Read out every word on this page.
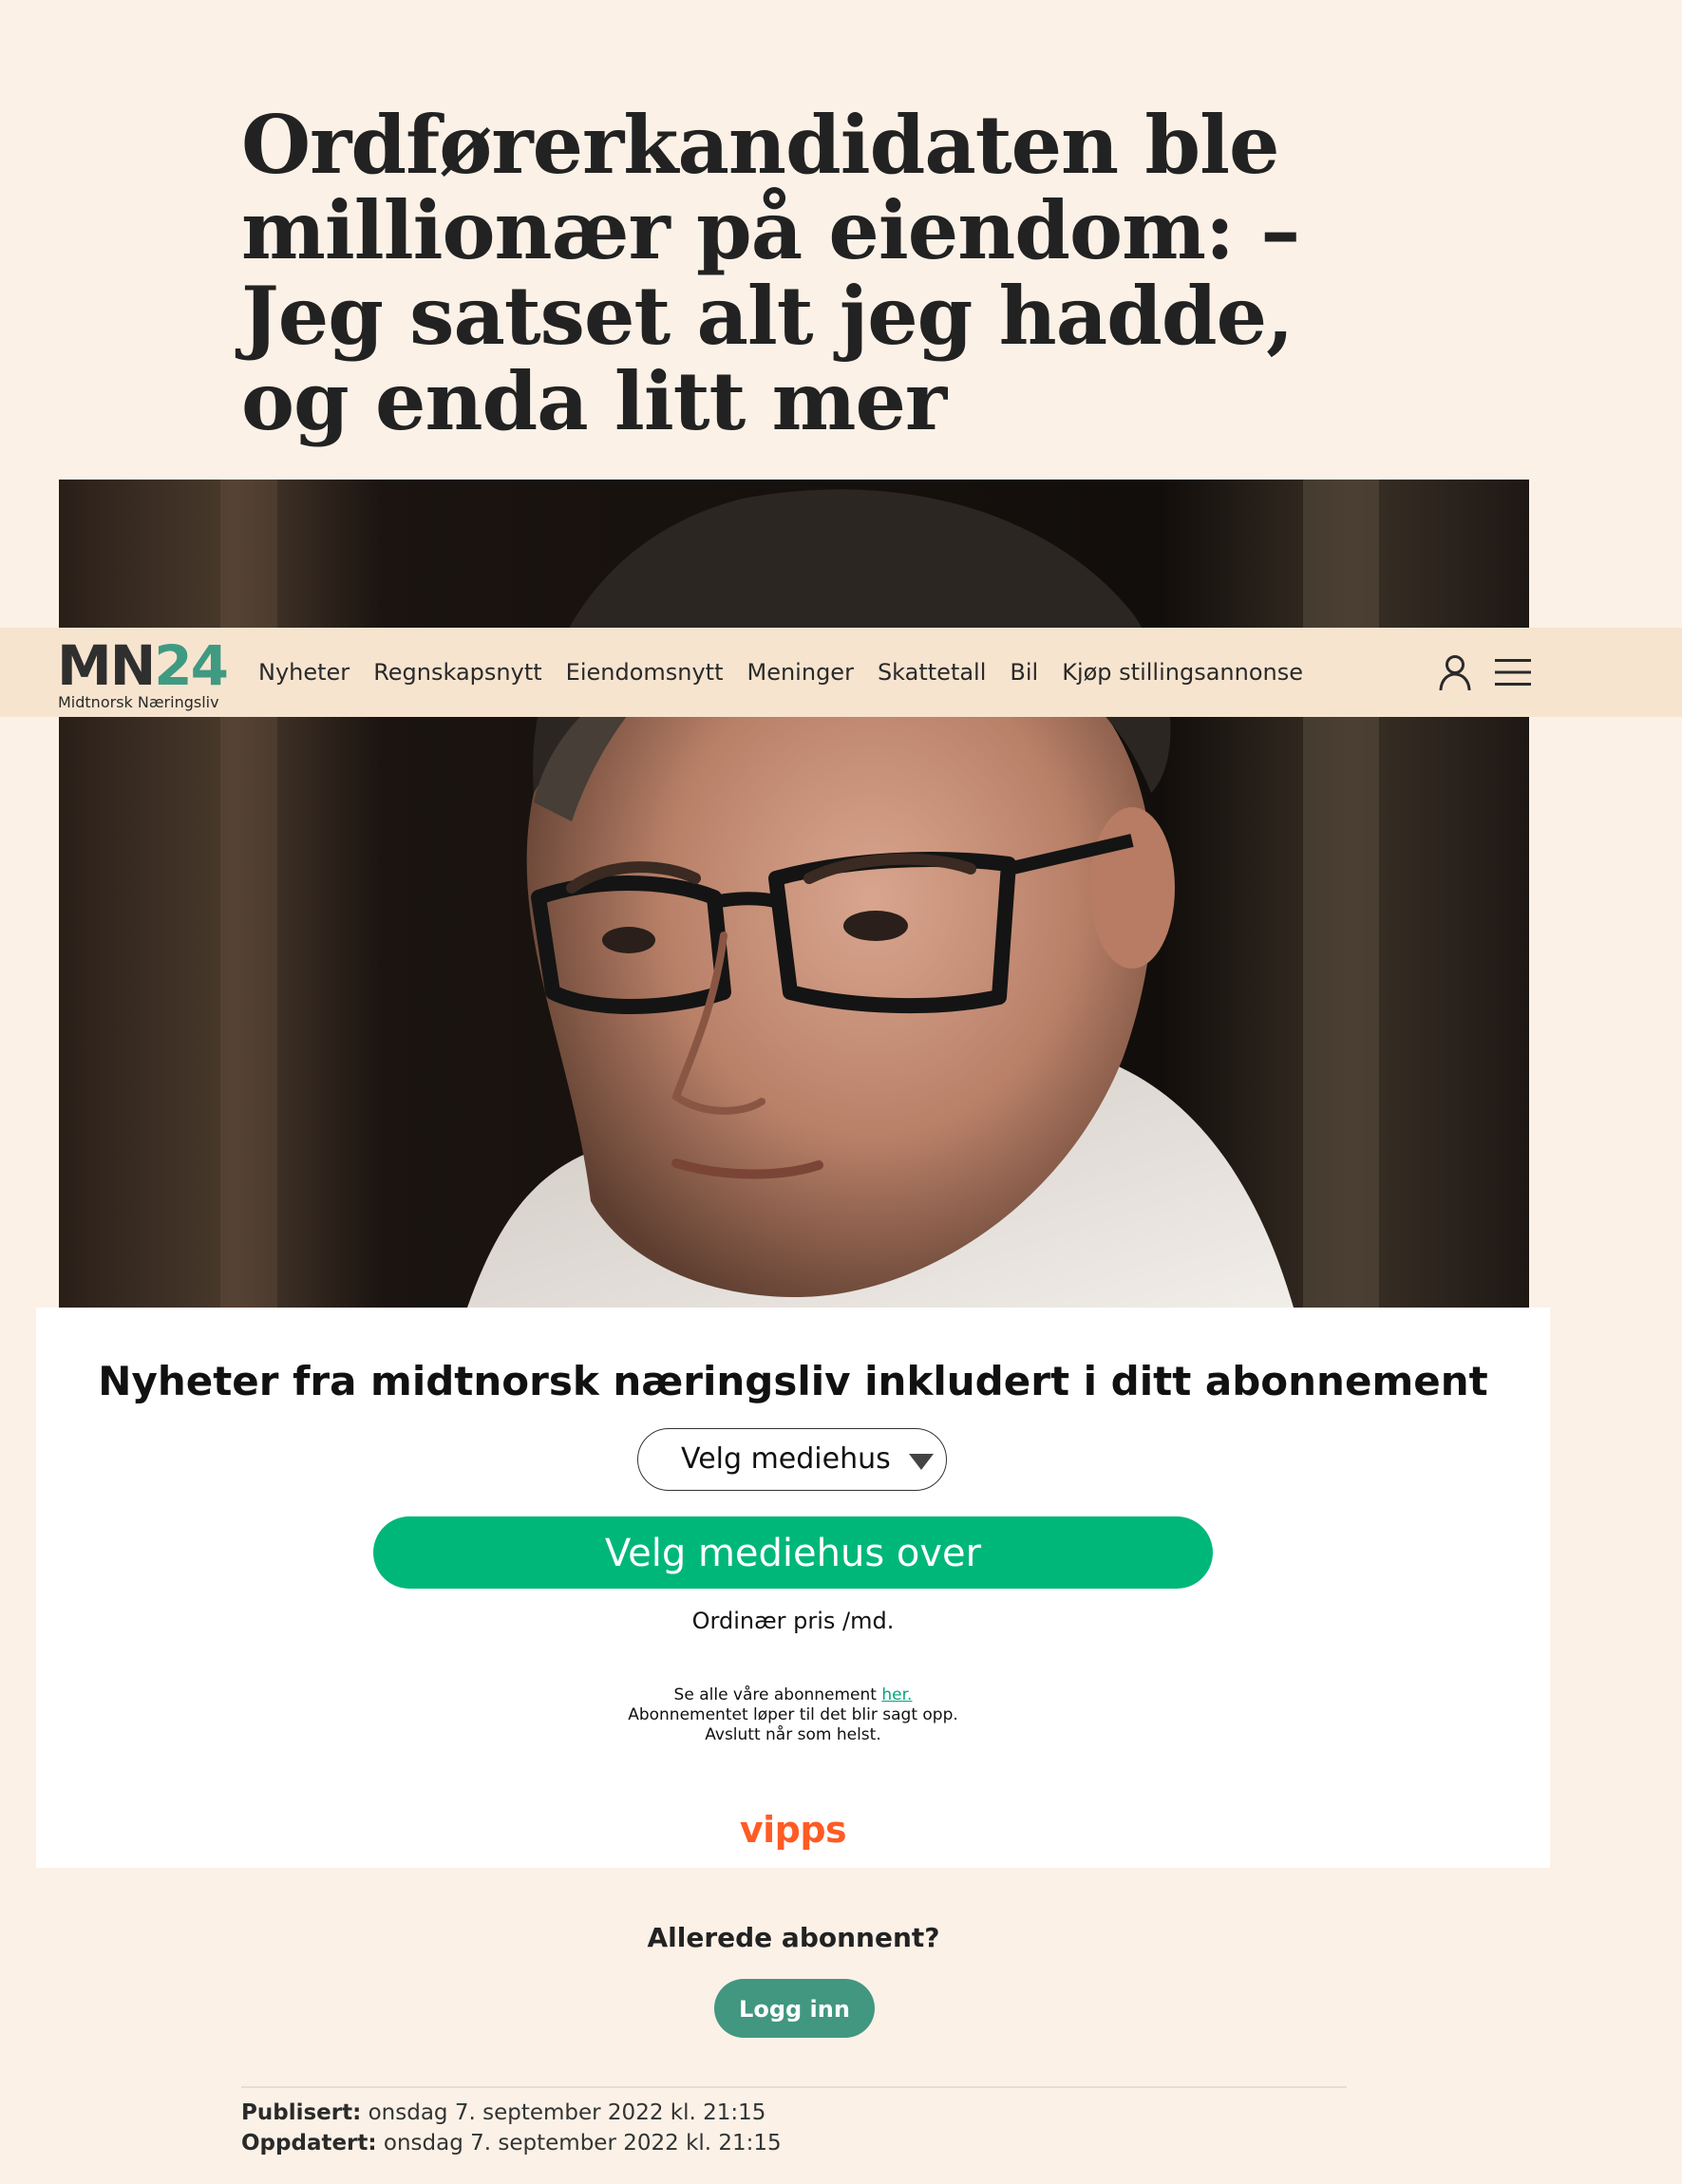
Ordførerkandidaten ble millionær på eiendom: – Jeg satset alt jeg hadde, og enda litt mer
MN24
Midtnorsk Næringsliv
Nyheter Regnskapsnytt Eiendomsnytt Meninger Skattetall Bil Kjøp stillingsannonse
Nyheter fra midtnorsk næringsliv inkludert i ditt abonnement
Velg mediehus
Velg mediehus over
Ordinær pris /md.
Se alle våre abonnement her.
Abonnementet løper til det blir sagt opp.
Avslutt når som helst.
vipps
Allerede abonnent?
Logg inn
Publisert: onsdag 7. september 2022 kl. 21:15
Oppdatert: onsdag 7. september 2022 kl. 21:15
